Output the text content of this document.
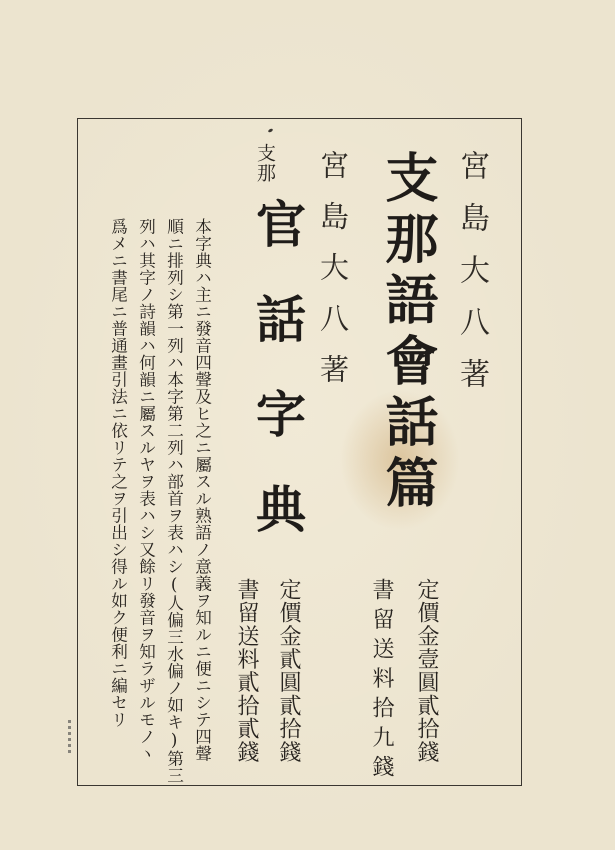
宮島大八著

支那語會話篇

定價金壹圓貳拾錢

書留送料拾九錢

宮島大八著

支那

官話字典

定價金貳圓貳拾錢

書留送料貳拾貳錢

本字典ハ主ニ發音四聲及ヒ之ニ屬スル熟語ノ意義ヲ知ルニ便ニシテ四聲

順ニ排列シ第一列ハ本字第二列ハ部首ヲ表ハシ(人偏三水偏ノ如キ)第三

列ハ其字ノ詩韻ハ何韻ニ屬スルヤヲ表ハシ又餘リ發音ヲ知ラザルモノヽ

爲メニ書尾ニ普通畫引法ニ依リテ之ヲ引出シ得ル如ク便利ニ編セリ
